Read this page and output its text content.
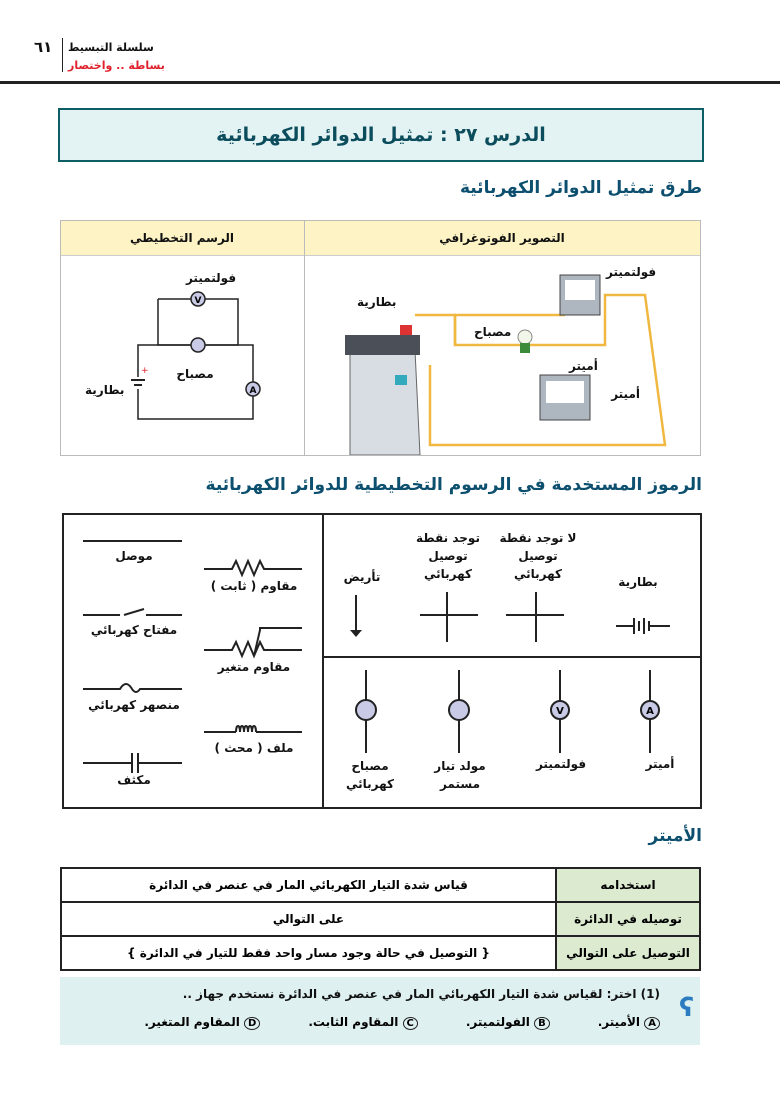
٦١ سلسلة التبسيط
بساطة .. واختصار
الدرس ٢٧ : تمثيل الدوائر الكهربائية
طرق تمثيل الدوائر الكهربائية
الرسم التخطيطي	التصوير الفوتوغرافي
V
A
+
فولتميتر
مصباح
بطارية	أميتر
فولتميتر
بطارية
مصباح
أميتر
الرموز المستخدمة في الرسوم التخطيطية للدوائر الكهربائية
A
V
بطارية
لا توجد نقطة توصيل كهربائي
توجد نقطة توصيل كهربائي
تأريض
أميتر
فولتميتر
مولد تيار مستمر
مصباح كهربائي
مقاوم ( ثابت )
مقاوم متغير
ملف ( محث )
موصل
مفتاح كهربائي
منصهر كهربائي
مكثف
الأميتر
استخدامه	قياس شدة التيار الكهربائي المار في عنصر في الدائرة
توصيله في الدائرة	على التوالي
التوصيل على التوالي	{ التوصيل في حالة وجود مسار واحد فقط للتيار في الدائرة }
ʕ
(1) اختر: لقياس شدة التيار الكهربائي المار في عنصر في الدائرة نستخدم جهاز ..
A الأميتر.
B الفولتميتر.
C المقاوم الثابت.
D المقاوم المتغير.
